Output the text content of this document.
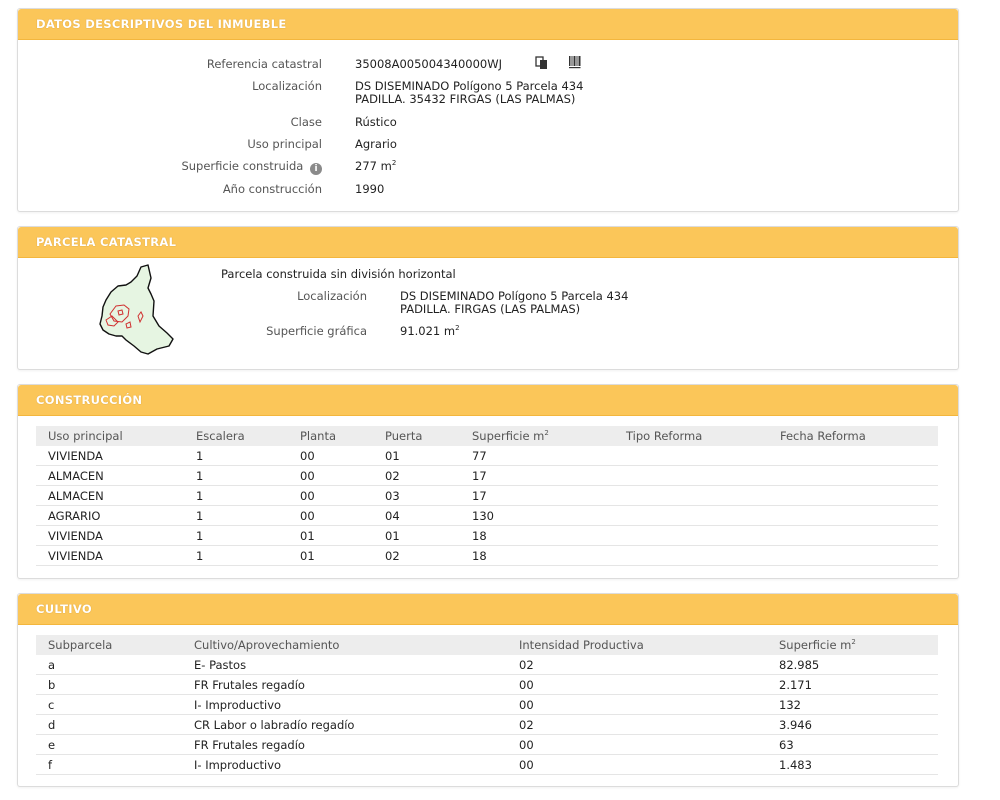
DATOS DESCRIPTIVOS DEL INMUEBLE
Referencia catastral	35008A005004340000WJ
Localización	DS DISEMINADO Polígono 5 Parcela 434
PADILLA. 35432 FIRGAS (LAS PALMAS)
Clase	Rústico
Uso principal	Agrario
Superficie construida i	277 $m^2$
Año construcción	1990
PARCELA CATASTRAL
Parcela construida sin división horizontal
Localización	DS DISEMINADO Polígono 5 Parcela 434
PADILLA. FIRGAS (LAS PALMAS)
Superficie gráfica	91.021 $m^2$
CONSTRUCCIÓN
Uso principal	Escalera	Planta	Puerta	Superficie $m^2$	Tipo Reforma	Fecha Reforma
VIVIENDA	1	00	01	77		
ALMACEN	1	00	02	17		
ALMACEN	1	00	03	17		
AGRARIO	1	00	04	130		
VIVIENDA	1	01	01	18		
VIVIENDA	1	01	02	18		
CULTIVO
Subparcela	Cultivo/Aprovechamiento	Intensidad Productiva	Superficie $m^2$
a	E- Pastos	02	82.985
b	FR Frutales regadío	00	2.171
c	I- Improductivo	00	132
d	CR Labor o labradío regadío	02	3.946
e	FR Frutales regadío	00	63
f	I- Improductivo	00	1.483
